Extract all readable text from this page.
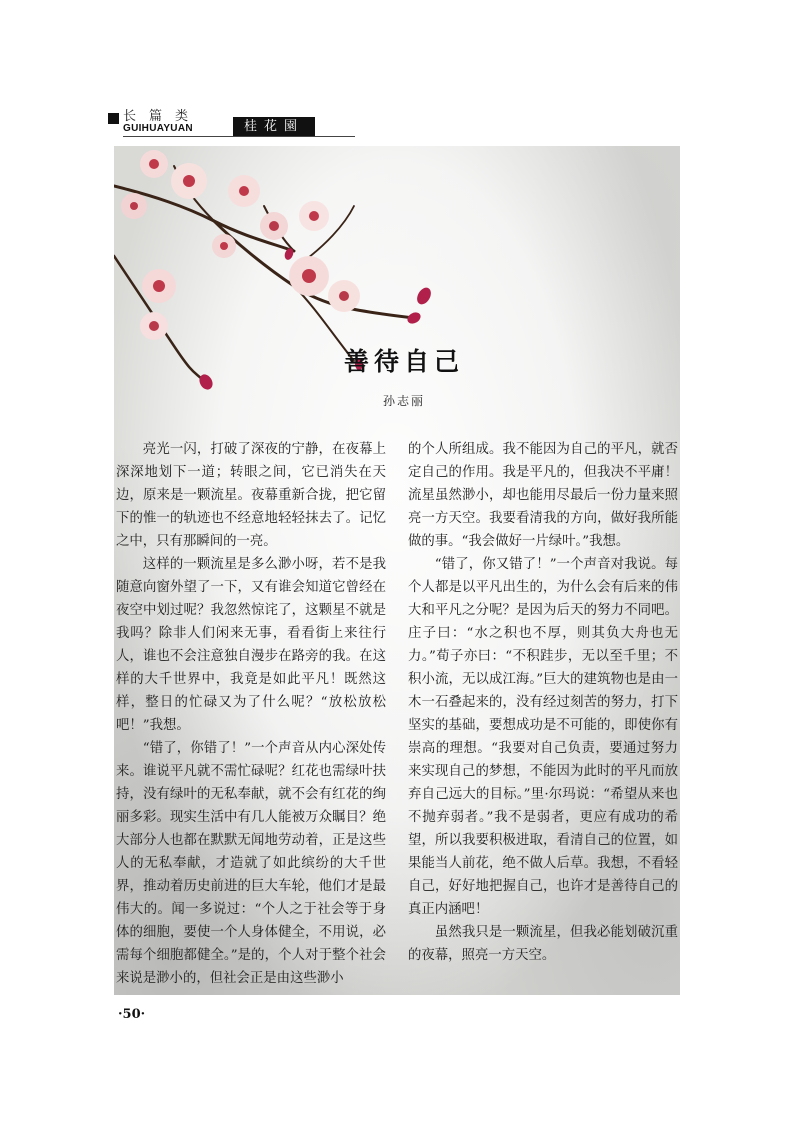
长篇类
GUIHUAYUAN	桂花園
善待自己
孙志丽

亮光一闪，打破了深夜的宁静，在夜幕上深深地划下一道；转眼之间，它已消失在天边，原来是一颗流星。夜幕重新合拢，把它留下的惟一的轨迹也不经意地轻轻抹去了。记忆之中，只有那瞬间的一亮。

这样的一颗流星是多么渺小呀，若不是我随意向窗外望了一下，又有谁会知道它曾经在夜空中划过呢？我忽然惊诧了，这颗星不就是我吗？除非人们闲来无事，看看街上来往行人，谁也不会注意独自漫步在路旁的我。在这样的大千世界中，我竟是如此平凡！既然这样，整日的忙碌又为了什么呢？“放松放松吧！”我想。

“错了，你错了！”一个声音从内心深处传来。谁说平凡就不需忙碌呢？红花也需绿叶扶持，没有绿叶的无私奉献，就不会有红花的绚丽多彩。现实生活中有几人能被万众瞩目？绝大部分人也都在默默无闻地劳动着，正是这些人的无私奉献，才造就了如此缤纷的大千世界，推动着历史前进的巨大车轮，他们才是最伟大的。闻一多说过：“个人之于社会等于身体的细胞，要使一个人身体健全，不用说，必需每个细胞都健全。”是的，个人对于整个社会来说是渺小的，但社会正是由这些渺小

的个人所组成。我不能因为自己的平凡，就否定自己的作用。我是平凡的，但我决不平庸！流星虽然渺小，却也能用尽最后一份力量来照亮一方天空。我要看清我的方向，做好我所能做的事。“我会做好一片绿叶。”我想。

“错了，你又错了！”一个声音对我说。每个人都是以平凡出生的，为什么会有后来的伟大和平凡之分呢？是因为后天的努力不同吧。庄子曰：“水之积也不厚，则其负大舟也无力。”荀子亦曰：“不积跬步，无以至千里；不积小流，无以成江海。”巨大的建筑物也是由一木一石叠起来的，没有经过刻苦的努力，打下坚实的基础，要想成功是不可能的，即使你有崇高的理想。“我要对自己负责，要通过努力来实现自己的梦想，不能因为此时的平凡而放弃自己远大的目标。”里·尔玛说：“希望从来也不抛弃弱者。”我不是弱者，更应有成功的希望，所以我要积极进取，看清自己的位置，如果能当人前花，绝不做人后草。我想，不看轻自己，好好地把握自己，也许才是善待自己的真正内涵吧！

虽然我只是一颗流星，但我必能划破沉重的夜幕，照亮一方天空。

·50·
